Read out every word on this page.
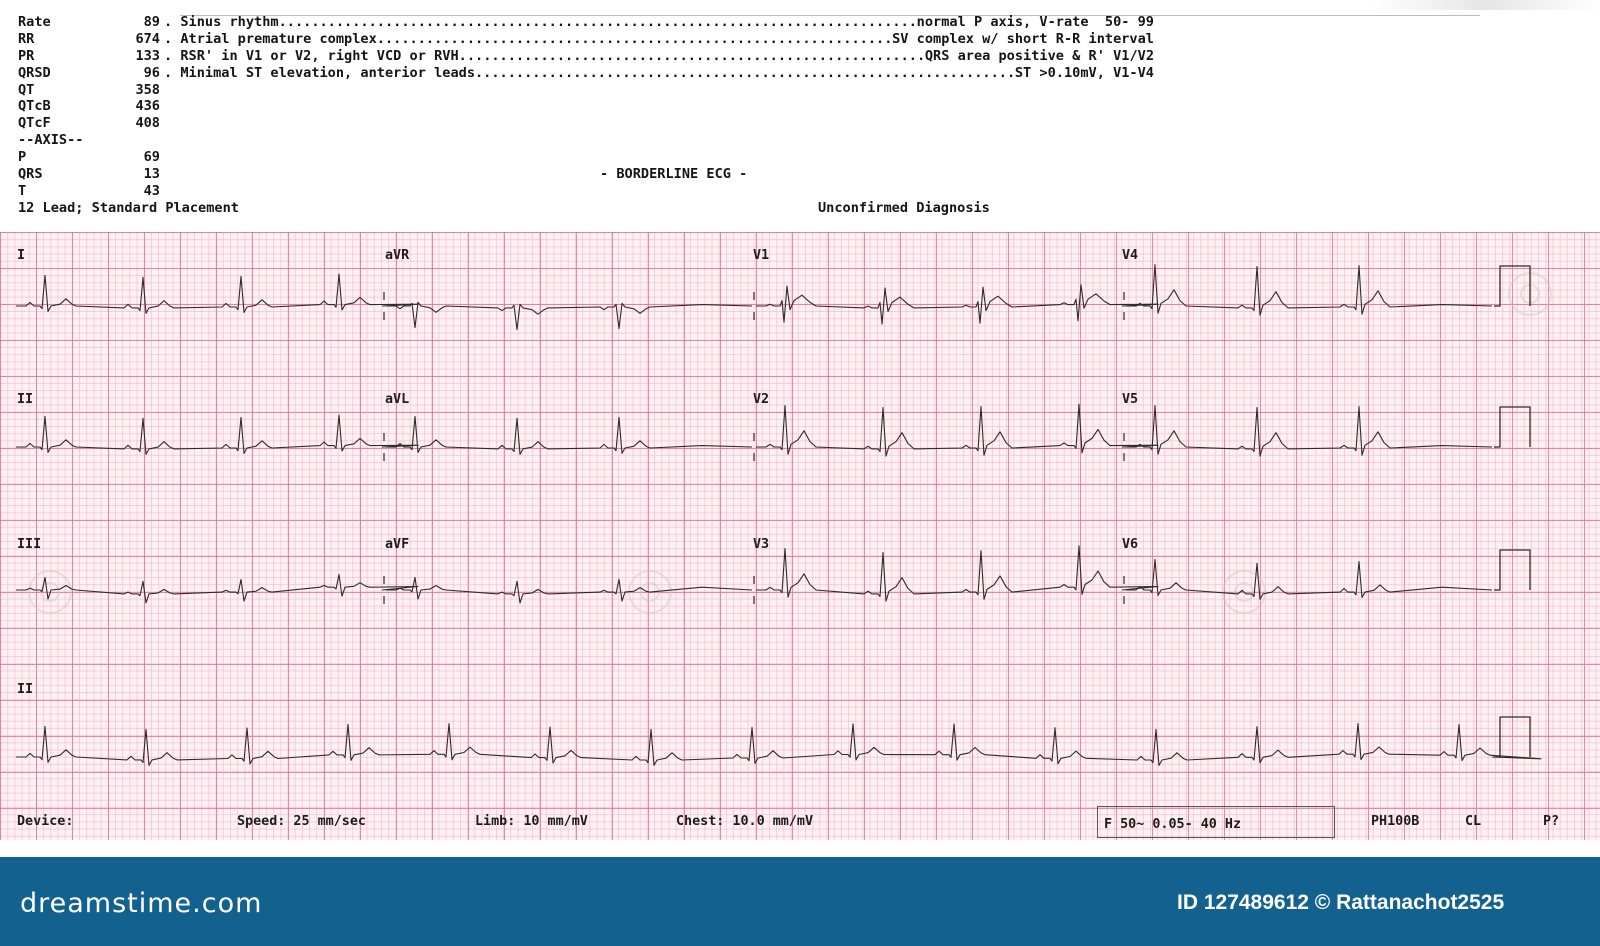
Rate	89
RR	674
PR	133
QRSD	96
QT	358
QTcB	436
QTcF	408
--AXIS--
P	69
QRS	13
T	43
. Sinus rhythm .....	normal P axis, V-rate  50- 99
. Atrial premature complex .....	SV complex w/ short R-R interval
. RSR' in V1 or V2, right VCD or RVH .....	QRS area positive & R' V1/V2
. Minimal ST elevation, anterior leads .....	ST >0.10mV, V1-V4
- BORDERLINE ECG -
12 Lead; Standard Placement	Unconfirmed Diagnosis
I	aVR	V1	V4
II	aVL	V2	V5
III	aVF	V3	V6
II
Device:	Speed: 25 mm/sec	Limb: 10 mm/mV	Chest: 10.0 mm/mV	F 50~ 0.05- 40 Hz	PH100B	CL	P?
dreamstime.com	ID 127489612 © Rattanachot2525
